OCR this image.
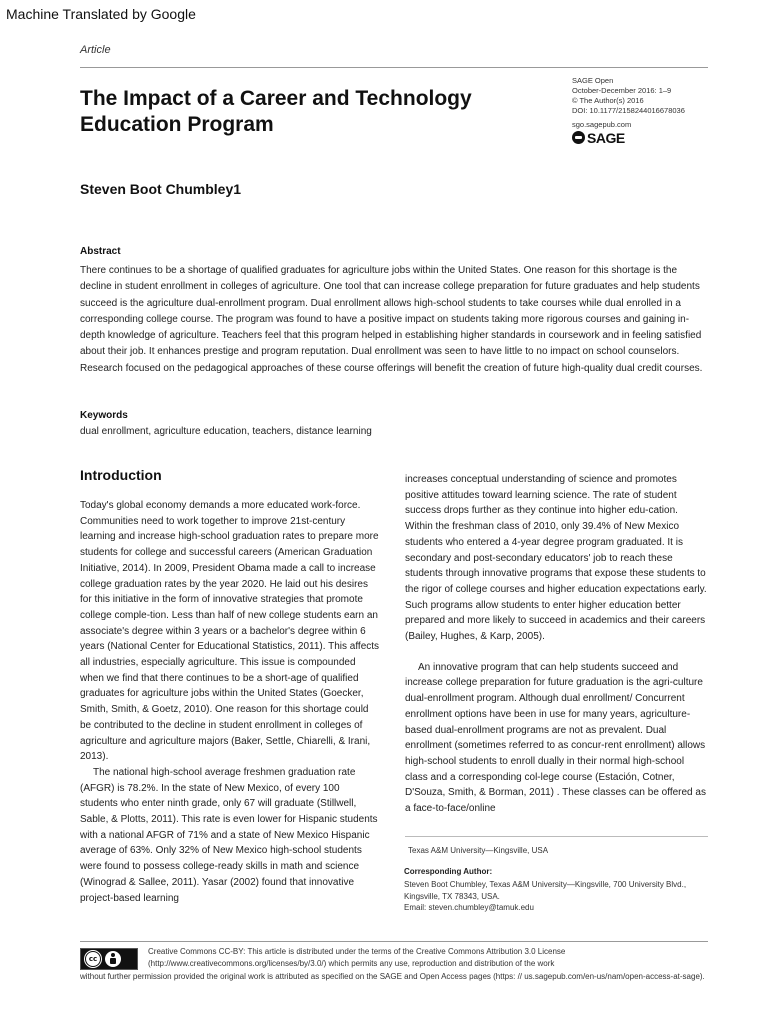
Machine Translated by Google
Article
The Impact of a Career and Technology Education Program
SAGE Open
October-December 2016: 1–9
© The Author(s) 2016
DOI: 10.1177/2158244016678036
sgo.sagepub.com
SAGE
Steven Boot Chumbley1
Abstract

There continues to be a shortage of qualified graduates for agriculture jobs within the United States. One reason for this shortage is the decline in student enrollment in colleges of agriculture. One tool that can increase college preparation for future graduates and help students succeed is the agriculture dual-enrollment program. Dual enrollment allows high-school students to take courses while dual enrolled in a corresponding college course. The program was found to have a positive impact on students taking more rigorous courses and gaining in-depth knowledge of agriculture. Teachers feel that this program helped in establishing higher standards in coursework and in feeling satisfied about their job. It enhances prestige and program reputation. Dual enrollment was seen to have little to no impact on school counselors. Research focused on the pedagogical approaches of these course offerings will benefit the creation of future high-quality dual credit courses.

Keywords
dual enrollment, agriculture education, teachers, distance learning
Introduction

Today's global economy demands a more educated work-force. Communities need to work together to improve 21st-century learning and increase high-school graduation rates to prepare more students for college and successful careers (American Graduation Initiative, 2014). In 2009, President Obama made a call to increase college graduation rates by the year 2020. He laid out his desires for this initiative in the form of innovative strategies that promote college comple-tion. Less than half of new college students earn an associate's degree within 3 years or a bachelor's degree within 6 years (National Center for Educational Statistics, 2011). This affects all industries, especially agriculture. This issue is compounded when we find that there continues to be a short-age of qualified graduates for agriculture jobs within the United States (Goecker, Smith, Smith, & Goetz, 2010). One reason for this shortage could be contributed to the decline in student enrollment in colleges of agriculture and agriculture majors (Baker, Settle, Chiarelli, & Irani, 2013).

The national high-school average freshmen graduation rate (AFGR) is 78.2%. In the state of New Mexico, of every 100 students who enter ninth grade, only 67 will graduate (Stillwell, Sable, & Plotts, 2011). This rate is even lower for Hispanic students with a national AFGR of 71% and a state of New Mexico Hispanic average of 63%. Only 32% of New Mexico high-school students were found to possess college-ready skills in math and science (Winograd & Sallee, 2011). Yasar (2002) found that innovative project-based learning

increases conceptual understanding of science and promotes positive attitudes toward learning science. The rate of student success drops further as they continue into higher edu-cation. Within the freshman class of 2010, only 39.4% of New Mexico students who entered a 4-year degree program graduated. It is secondary and post-secondary educators' job to reach these students through innovative programs that expose these students to the rigor of college courses and higher education expectations early. Such programs allow students to enter higher education better prepared and more likely to succeed in academics and their careers (Bailey, Hughes, & Karp, 2005).

An innovative program that can help students succeed and increase college preparation for future graduation is the agri-culture dual-enrollment program. Although dual enrollment/ Concurrent enrollment options have been in use for many years, agriculture-based dual-enrollment programs are not as prevalent. Dual enrollment (sometimes referred to as concur-rent enrollment) allows high-school students to enroll dually in their normal high-school class and a corresponding col-lege course (Estación, Cotner, D'Souza, Smith, & Borman, 2011) . These classes can be offered as a face-to-face/online

Texas A&M University—Kingsville, USA
Corresponding Author:
Steven Boot Chumbley, Texas A&M University—Kingsville, 700 University Blvd., Kingsville, TX 78343, USA.
Email: steven.chumbley@tamuk.edu
cc
Creative Commons CC-BY: This article is distributed under the terms of the Creative Commons Attribution 3.0 License
(http://www.creativecommons.org/licenses/by/3.0/) which permits any use, reproduction and distribution of the work
without further permission provided the original work is attributed as specified on the SAGE and Open Access pages (https: // us.sagepub.com/en-us/nam/open-access-at-sage).
